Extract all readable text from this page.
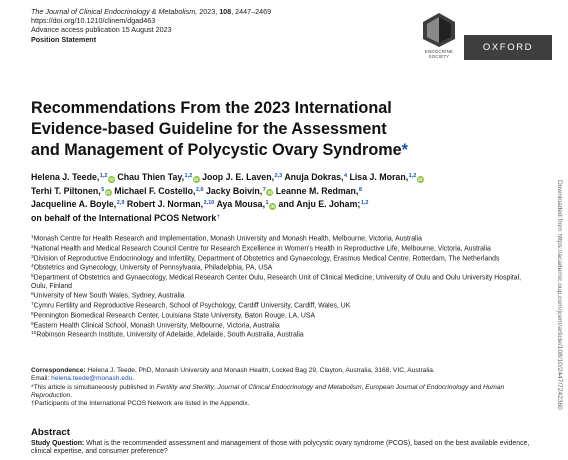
The Journal of Clinical Endocrinology & Metabolism, 2023, 108, 2447–2469
https://doi.org/10.1210/clinem/dgad463
Advance access publication 15 August 2023
Position Statement
ENDOCRINE
SOCIETY
OXFORD
Recommendations From the 2023 International
Evidence-based Guideline for the Assessment
and Management of Polycystic Ovary Syndrome*
Helena J. Teede,$^{1,2}$ iD Chau Thien Tay,$^{1,2}$ iD Joop J. E. Laven,$^{2,3}$ Anuja Dokras,$^4$ Lisa J. Moran,$^{1,2}$ iD
Terhi T. Piltonen,$^5$ iD Michael F. Costello,$^{2,6}$ Jacky Boivin,$^7$ iD Leanne M. Redman,$^8$
Jacqueline A. Boyle,$^{2,9}$ Robert J. Norman,$^{2,10}$ Aya Mousa,$^1$ iD and Anju E. Joham;$^{1,2}$
on behalf of the International PCOS Network†
$^1$Monash Centre for Health Research and Implementation, Monash University and Monash Health, Melbourne, Victoria, Australia
$^2$National Health and Medical Research Council Centre for Research Excellence in Women's Health in Reproductive Life, Melbourne, Victoria, Australia
$^3$Division of Reproductive Endocrinology and Infertility, Department of Obstetrics and Gynaecology, Erasmus Medical Centre, Rotterdam, The Netherlands
$^4$Obstetrics and Gynecology, University of Pennsylvania, Philadelphia, PA, USA
$^5$Department of Obstetrics and Gynaecology, Medical Research Center Oulu, Research Unit of Clinical Medicine, University of Oulu and Oulu University Hospital, Oulu, Finland
$^6$University of New South Wales, Sydney, Australia
$^7$Cymru Fertility and Reproductive Research, School of Psychology, Cardiff University, Cardiff, Wales, UK
$^8$Pennington Biomedical Research Center, Louisiana State University, Baton Rouge, LA, USA
$^9$Eastern Health Clinical School, Monash University, Melbourne, Victoria, Australia
$^{10}$Robinson Research Institute, University of Adelaide, Adelaide, South Australia, Australia
Correspondence: Helena J. Teede, PhD, Monash University and Monash Health, Locked Bag 29, Clayton, Australia, 3168, VIC, Australia.
Email: helena.teede@monash.edu.
*This article is simultaneously published in Fertility and Sterility, Journal of Clinical Endocrinology and Metabolism, European Journal of Endocrinology and Human Reproduction.
†Participants of the International PCOS Network are listed in the Appendix.
Abstract
Study Question: What is the recommended assessment and management of those with polycystic ovary syndrome (PCOS), based on the best available evidence, clinical expertise, and consumer preference?
Downloaded from https://academic.oup.com/jcem/article/108/10/2447/7242360
